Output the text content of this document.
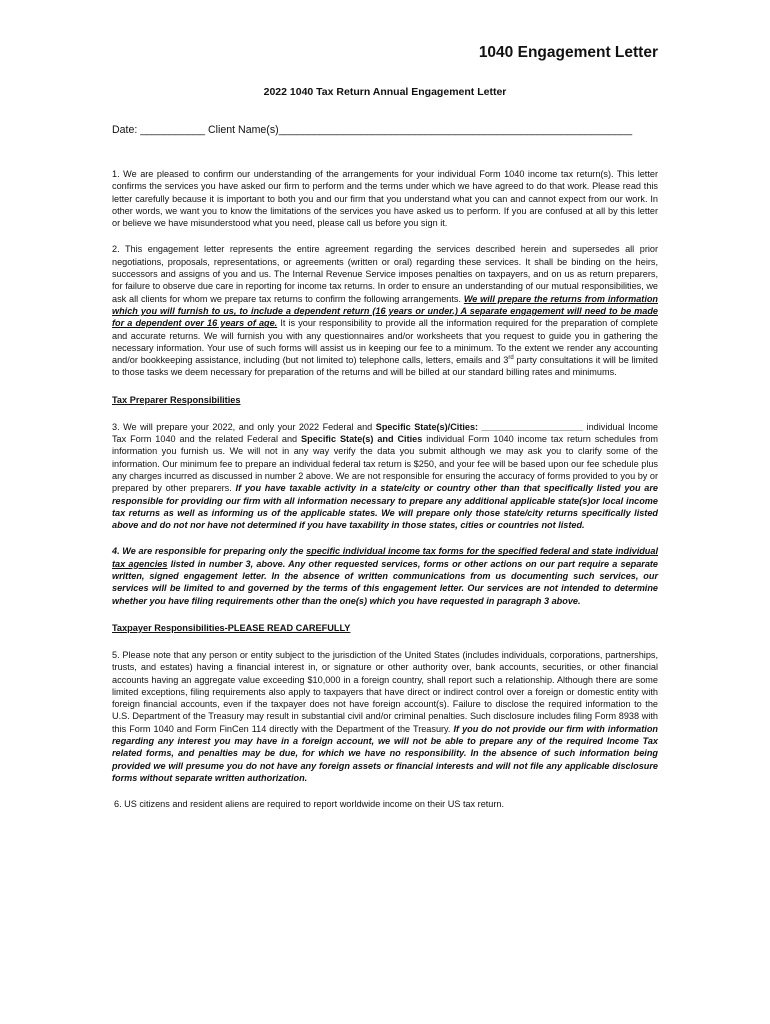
1040 Engagement Letter
2022 1040 Tax Return Annual Engagement Letter
Date: ___________ Client Name(s)____________________________________________________________

1. We are pleased to confirm our understanding of the arrangements for your individual Form 1040 income tax return(s). This letter confirms the services you have asked our firm to perform and the terms under which we have agreed to do that work. Please read this letter carefully because it is important to both you and our firm that you understand what you can and cannot expect from our work. In other words, we want you to know the limitations of the services you have asked us to perform. If you are confused at all by this letter or believe we have misunderstood what you need, please call us before you sign it.

2. This engagement letter represents the entire agreement regarding the services described herein and supersedes all prior negotiations, proposals, representations, or agreements (written or oral) regarding these services. It shall be binding on the heirs, successors and assigns of you and us. The Internal Revenue Service imposes penalties on taxpayers, and on us as return preparers, for failure to observe due care in reporting for income tax returns. In order to ensure an understanding of our mutual responsibilities, we ask all clients for whom we prepare tax returns to confirm the following arrangements. We will prepare the returns from information which you will furnish to us, to include a dependent return (16 years or under.) A separate engagement will need to be made for a dependent over 16 years of age. It is your responsibility to provide all the information required for the preparation of complete and accurate returns. We will furnish you with any questionnaires and/or worksheets that you request to guide you in gathering the necessary information. Your use of such forms will assist us in keeping our fee to a minimum. To the extent we render any accounting and/or bookkeeping assistance, including (but not limited to) telephone calls, letters, emails and 3rd party consultations it will be limited to those tasks we deem necessary for preparation of the returns and will be billed at our standard billing rates and minimums.

Tax Preparer Responsibilities

3. We will prepare your 2022, and only your 2022 Federal and Specific State(s)/Cities: ____________________ individual Income Tax Form 1040 and the related Federal and Specific State(s) and Cities individual Form 1040 income tax return schedules from information you furnish us. We will not in any way verify the data you submit although we may ask you to clarify some of the information. Our minimum fee to prepare an individual federal tax return is $250, and your fee will be based upon our fee schedule plus any charges incurred as discussed in number 2 above. We are not responsible for ensuring the accuracy of forms provided to you by or prepared by other preparers. If you have taxable activity in a state/city or country other than that specifically listed you are responsible for providing our firm with all information necessary to prepare any additional applicable state(s)or local income tax returns as well as informing us of the applicable states. We will prepare only those state/city returns specifically listed above and do not nor have not determined if you have taxability in those states, cities or countries not listed.

4. We are responsible for preparing only the specific individual income tax forms for the specified federal and state individual tax agencies listed in number 3, above. Any other requested services, forms or other actions on our part require a separate written, signed engagement letter. In the absence of written communications from us documenting such services, our services will be limited to and governed by the terms of this engagement letter. Our services are not intended to determine whether you have filing requirements other than the one(s) which you have requested in paragraph 3 above.

Taxpayer Responsibilities-PLEASE READ CAREFULLY

5. Please note that any person or entity subject to the jurisdiction of the United States (includes individuals, corporations, partnerships, trusts, and estates) having a financial interest in, or signature or other authority over, bank accounts, securities, or other financial accounts having an aggregate value exceeding $10,000 in a foreign country, shall report such a relationship. Although there are some limited exceptions, filing requirements also apply to taxpayers that have direct or indirect control over a foreign or domestic entity with foreign financial accounts, even if the taxpayer does not have foreign account(s). Failure to disclose the required information to the U.S. Department of the Treasury may result in substantial civil and/or criminal penalties. Such disclosure includes filing Form 8938 with this Form 1040 and Form FinCen 114 directly with the Department of the Treasury. If you do not provide our firm with information regarding any interest you may have in a foreign account, we will not be able to prepare any of the required Income Tax related forms, and penalties may be due, for which we have no responsibility. In the absence of such information being provided we will presume you do not have any foreign assets or financial interests and will not file any applicable disclosure forms without separate written authorization.

6. US citizens and resident aliens are required to report worldwide income on their US tax return.
